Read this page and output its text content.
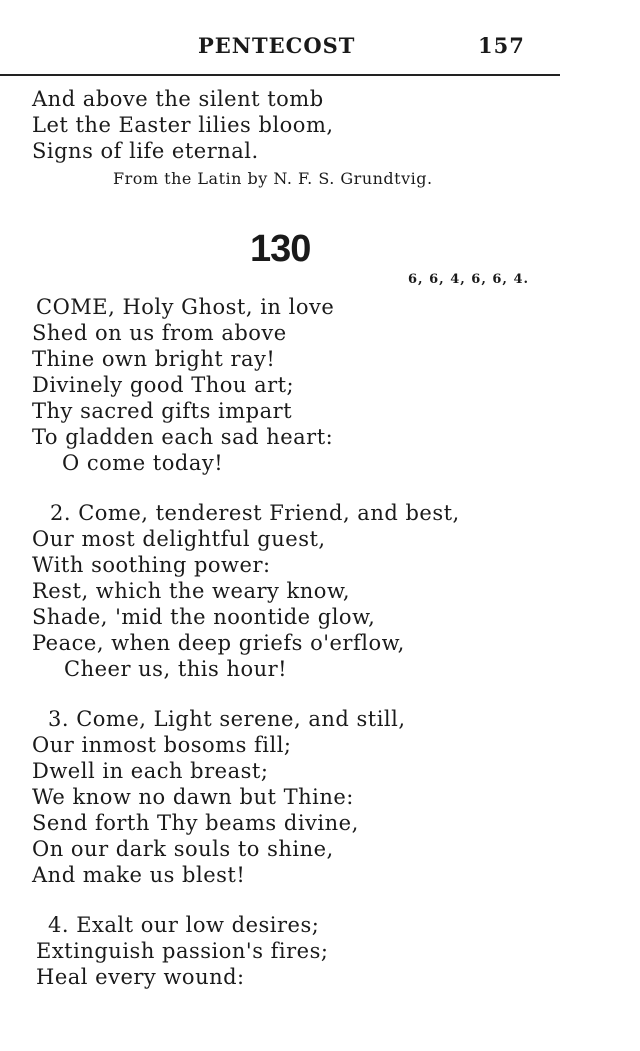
PENTECOST	157
And above the silent tomb
Let the Easter lilies bloom,
Signs of life eternal.
From the Latin by N. F. S. Grundtvig.
130
6, 6, 4, 6, 6, 4.
COME, Holy Ghost, in love
Shed on us from above
Thine own bright ray!
Divinely good Thou art;
Thy sacred gifts impart
To gladden each sad heart:
O come today!
2. Come, tenderest Friend, and best,
Our most delightful guest,
With soothing power:
Rest, which the weary know,
Shade, 'mid the noontide glow,
Peace, when deep griefs o'erflow,
Cheer us, this hour!
3. Come, Light serene, and still,
Our inmost bosoms fill;
Dwell in each breast;
We know no dawn but Thine:
Send forth Thy beams divine,
On our dark souls to shine,
And make us blest!
4. Exalt our low desires;
Extinguish passion's fires;
Heal every wound:
